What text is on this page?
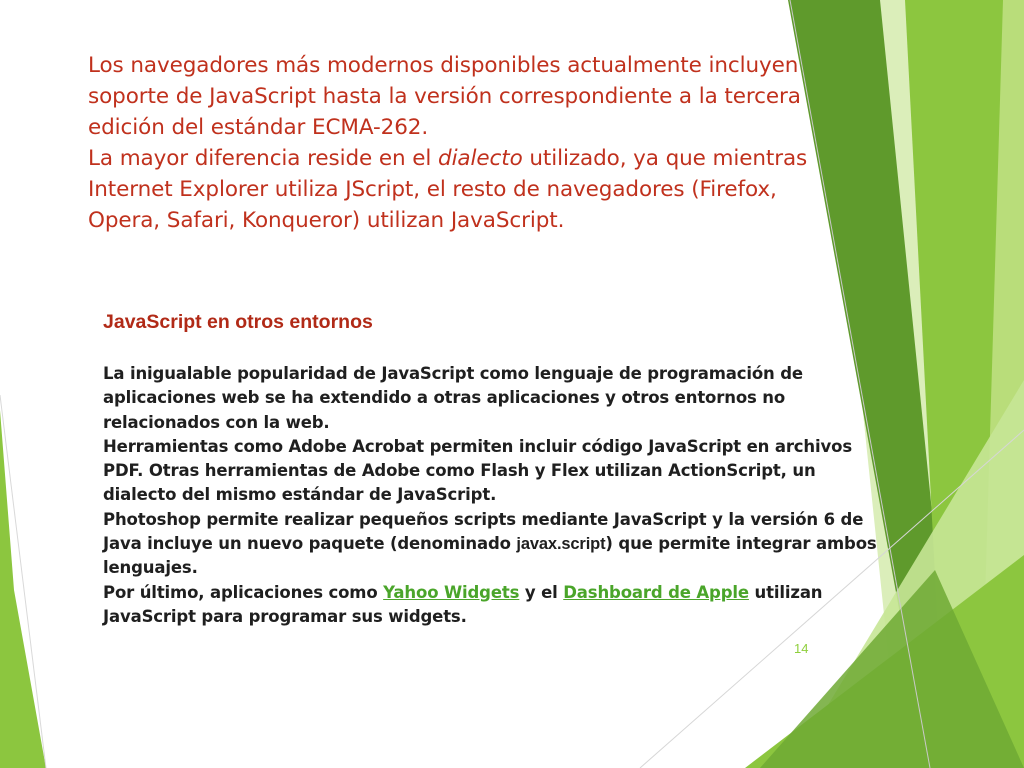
Los navegadores más modernos disponibles actualmente incluyen

soporte de JavaScript hasta la versión correspondiente a la tercera

edición del estándar ECMA-262.

La mayor diferencia reside en el dialecto utilizado, ya que mientras

Internet Explorer utiliza JScript, el resto de navegadores (Firefox,

Opera, Safari, Konqueror) utilizan JavaScript.

JavaScript en otros entornos

La inigualable popularidad de JavaScript como lenguaje de programación de

aplicaciones web se ha extendido a otras aplicaciones y otros entornos no

relacionados con la web.

Herramientas como Adobe Acrobat permiten incluir código JavaScript en archivos

PDF. Otras herramientas de Adobe como Flash y Flex utilizan ActionScript, un

dialecto del mismo estándar de JavaScript.

Photoshop permite realizar pequeños scripts mediante JavaScript y la versión 6 de

Java incluye un nuevo paquete (denominado javax.script) que permite integrar ambos

lenguajes.

Por último, aplicaciones como Yahoo Widgets y el Dashboard de Apple utilizan

JavaScript para programar sus widgets.

14
